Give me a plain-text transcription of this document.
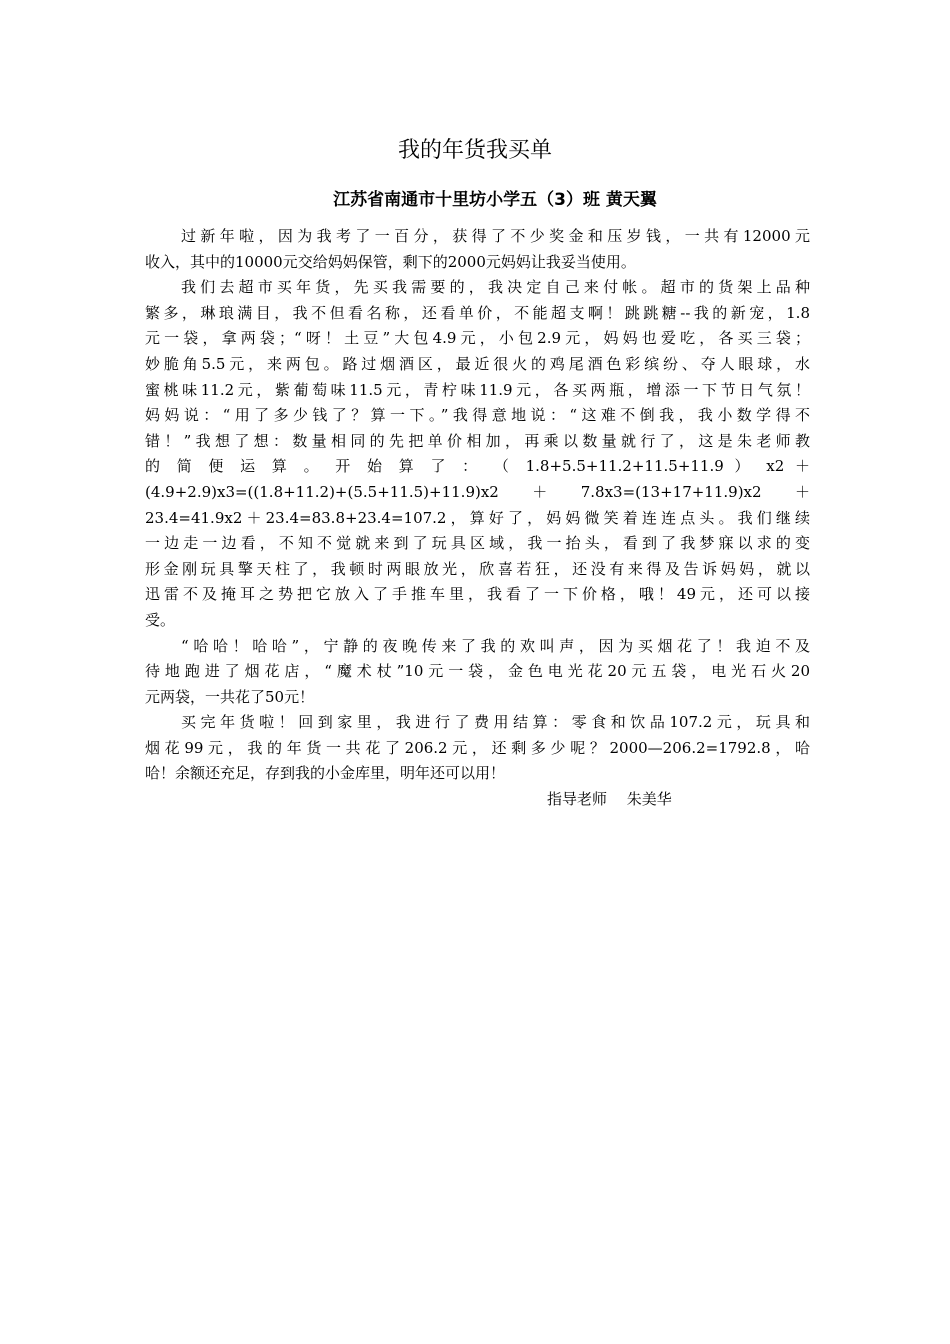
我的年货我买单
江苏省南通市十里坊小学五（3）班 黄天翼
过新年啦，因为我考了一百分，获得了不少奖金和压岁钱，一共有12000元
收入，其中的10000元交给妈妈保管，剩下的2000元妈妈让我妥当使用。
我们去超市买年货，先买我需要的，我决定自己来付帐。超市的货架上品种
繁多，琳琅满目，我不但看名称，还看单价，不能超支啊！跳跳糖--我的新宠，1.8
元一袋，拿两袋；“呀！土豆”大包4.9元，小包2.9元，妈妈也爱吃，各买三袋；
妙脆角5.5元，来两包。路过烟酒区，最近很火的鸡尾酒色彩缤纷、夺人眼球，水
蜜桃味11.2元，紫葡萄味11.5元，青柠味11.9元，各买两瓶，增添一下节日气氛！
妈妈说：“用了多少钱了？算一下。”我得意地说：“这难不倒我，我小数学得不
错！”我想了想：数量相同的先把单价相加，再乘以数量就行了，这是朱老师教
的 简 便 运 算 。 开 始 算 了 ： （ 1.8+5.5+11.2+11.5+11.9 ） x2 ＋
(4.9+2.9)x3=((1.8+11.2)+(5.5+11.5)+11.9)x2＋7.8x3=(13+17+11.9)x2＋
23.4=41.9x2＋23.4=83.8+23.4=107.2，算好了，妈妈微笑着连连点头。我们继续
一边走一边看，不知不觉就来到了玩具区域，我一抬头，看到了我梦寐以求的变
形金刚玩具擎天柱了，我顿时两眼放光，欣喜若狂，还没有来得及告诉妈妈，就以
迅雷不及掩耳之势把它放入了手推车里，我看了一下价格，哦！49元，还可以接
受。
“哈哈！哈哈”，宁静的夜晚传来了我的欢叫声，因为买烟花了！我迫不及
待地跑进了烟花店，“魔术杖”10元一袋，金色电光花20元五袋，电光石火20
元两袋，一共花了50元！
买完年货啦！回到家里，我进行了费用结算：零食和饮品107.2元，玩具和
烟花99元，我的年货一共花了206.2元，还剩多少呢？2000—206.2=1792.8，哈
哈！余额还充足，存到我的小金库里，明年还可以用！
指导老师　 朱美华
